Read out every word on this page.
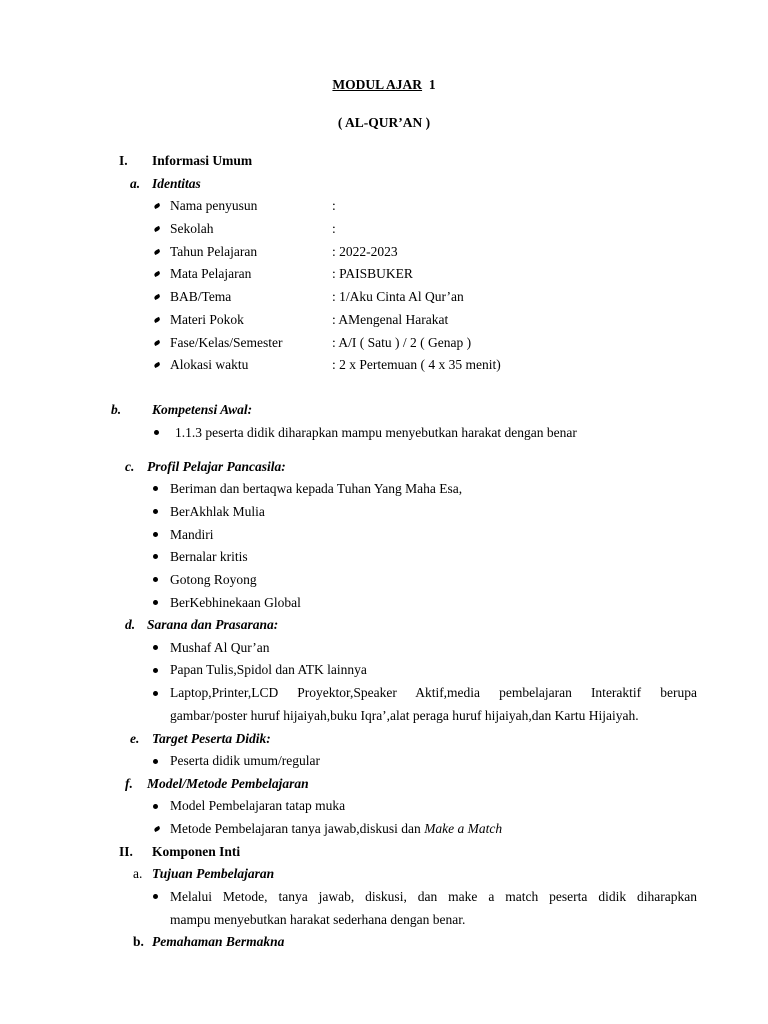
MODUL AJAR 1
( AL-QUR’AN )
I. Informasi Umum
a. Identitas
Nama penyusun	:
Sekolah	:
Tahun Pelajaran	: 2022-2023
Mata Pelajaran	: PAISBUKER
BAB/Tema	: 1/Aku Cinta Al Qur’an
Materi Pokok	: AMengenal Harakat
Fase/Kelas/Semester	: A/I ( Satu ) / 2 ( Genap )
Alokasi waktu	: 2 x Pertemuan ( 4 x 35 menit)
b. Kompetensi Awal:
1.1.3 peserta didik diharapkan mampu menyebutkan harakat dengan benar
c. Profil Pelajar Pancasila:
Beriman dan bertaqwa kepada Tuhan Yang Maha Esa,
BerAkhlak Mulia
Mandiri
Bernalar kritis
Gotong Royong
BerKebhinekaan Global
d. Sarana dan Prasarana:
Mushaf Al Qur’an
Papan Tulis,Spidol dan ATK lainnya
Laptop,Printer,LCD Proyektor,Speaker Aktif,media pembelajaran Interaktif berupa
gambar/poster huruf hijaiyah,buku Iqra’,alat peraga huruf hijaiyah,dan Kartu Hijaiyah.
e. Target Peserta Didik:
Peserta didik umum/regular
f. Model/Metode Pembelajaran
Model Pembelajaran tatap muka
Metode Pembelajaran tanya jawab,diskusi dan Make a Match
II. Komponen Inti
a. Tujuan Pembelajaran
Melalui Metode, tanya jawab, diskusi, dan make a match peserta didik diharapkan
mampu menyebutkan harakat sederhana dengan benar.
b. Pemahaman Bermakna
